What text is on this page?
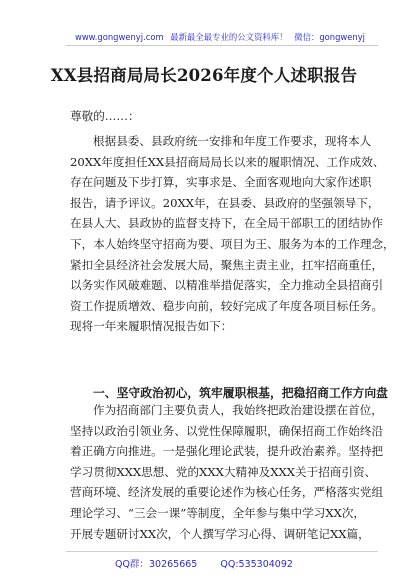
www.gongwenyj.com 最新最全最专业的公文资料库！ 微信：gongwenyj
XX县招商局局长2026年度个人述职报告
尊敬的……：
根据县委、县政府统一安排和年度工作要求，现将本人
20XX年度担任XX县招商局局长以来的履职情况、工作成效、
存在问题及下步打算，实事求是、全面客观地向大家作述职
报告，请予评议。20XX年，在县委、县政府的坚强领导下，
在县人大、县政协的监督支持下，在全局干部职工的团结协作
下，本人始终坚守招商为要、项目为王、服务为本的工作理念，
紧扣全县经济社会发展大局，聚焦主责主业，扛牢招商重任，
以务实作风破难题、以精准举措促落实，全力推动全县招商引
资工作提质增效、稳步向前，较好完成了年度各项目标任务。
现将一年来履职情况报告如下：
一、坚守政治初心，筑牢履职根基，把稳招商工作方向盘
作为招商部门主要负责人，我始终把政治建设摆在首位，
坚持以政治引领业务、以党性保障履职，确保招商工作始终沿
着正确方向推进。一是强化理论武装，提升政治素养。坚持把
学习贯彻XXX思想、党的XXX大精神及XXX关于招商引资、
营商环境、经济发展的重要论述作为核心任务，严格落实党组
理论学习、“三会一课”等制度，全年参与集中学习XX次，
开展专题研讨XX次，个人撰写学习心得、调研笔记XX篇，
QQ群：30265665 QQ:535304092
